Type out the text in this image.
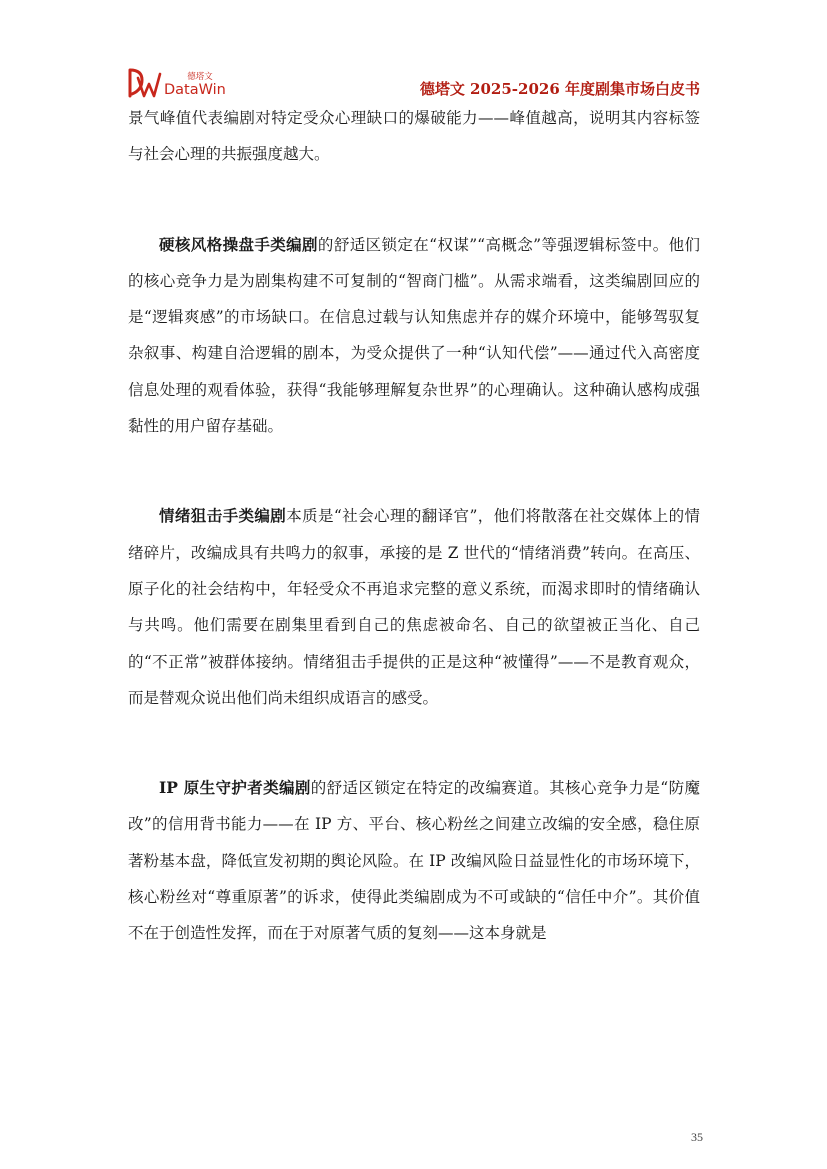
德塔文
DataWin	德塔文 2025-2026 年度剧集市场白皮书

景气峰值代表编剧对特定受众心理缺口的爆破能力——峰值越高，说明其内容标签与社会心理的共振强度越大。

硬核风格操盘手类编剧的舒适区锁定在“权谋”“高概念”等强逻辑标签中。他们的核心竞争力是为剧集构建不可复制的“智商门槛”。从需求端看，这类编剧回应的是“逻辑爽感”的市场缺口。在信息过载与认知焦虑并存的媒介环境中，能够驾驭复杂叙事、构建自洽逻辑的剧本，为受众提供了一种“认知代偿”——通过代入高密度信息处理的观看体验，获得“我能够理解复杂世界”的心理确认。这种确认感构成强黏性的用户留存基础。

情绪狙击手类编剧本质是“社会心理的翻译官”，他们将散落在社交媒体上的情绪碎片，改编成具有共鸣力的叙事，承接的是 Z 世代的“情绪消费”转向。在高压、原子化的社会结构中，年轻受众不再追求完整的意义系统，而渴求即时的情绪确认与共鸣。他们需要在剧集里看到自己的焦虑被命名、自己的欲望被正当化、自己的“不正常”被群体接纳。情绪狙击手提供的正是这种“被懂得”——不是教育观众，而是替观众说出他们尚未组织成语言的感受。

IP 原生守护者类编剧的舒适区锁定在特定的改编赛道。其核心竞争力是“防魔改”的信用背书能力——在 IP 方、平台、核心粉丝之间建立改编的安全感，稳住原著粉基本盘，降低宣发初期的舆论风险。在 IP 改编风险日益显性化的市场环境下，核心粉丝对“尊重原著”的诉求，使得此类编剧成为不可或缺的“信任中介”。其价值不在于创造性发挥，而在于对原著气质的复刻——这本身就是

35
